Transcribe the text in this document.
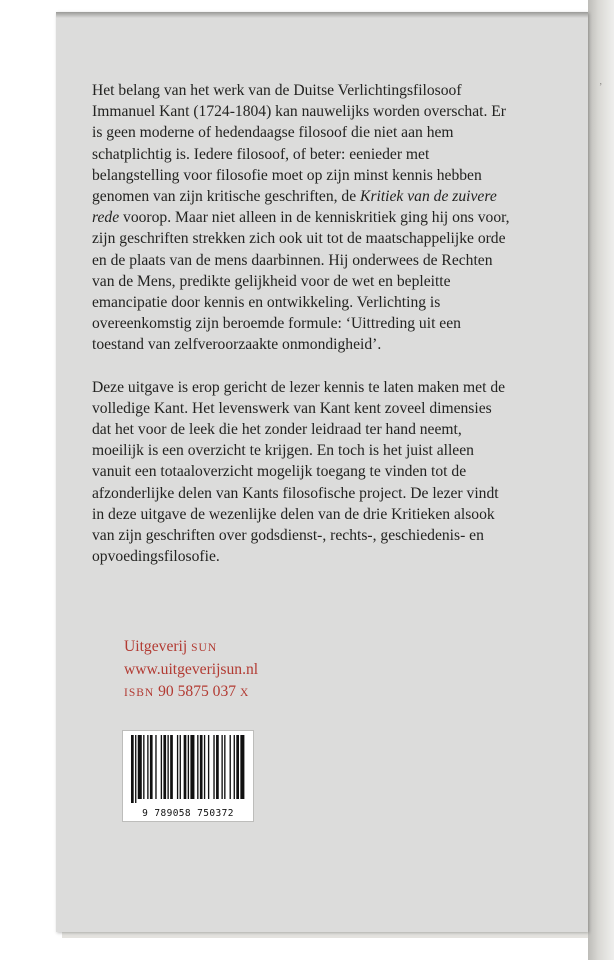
ʼ

Het belang van het werk van de Duitse Verlichtingsfilosoof Immanuel Kant (1724-1804) kan nauwelijks worden overschat. Er is geen moderne of hedendaagse filosoof die niet aan hem schatplichtig is. Iedere filosoof, of beter: eenieder met belangstelling voor filosofie moet op zijn minst kennis hebben genomen van zijn kritische geschriften, de Kritiek van de zuivere rede voorop. Maar niet alleen in de kenniskritiek ging hij ons voor, zijn geschriften strekken zich ook uit tot de maatschappelijke orde en de plaats van de mens daarbinnen. Hij onderwees de Rechten van de Mens, predikte gelijkheid voor de wet en bepleitte emancipatie door kennis en ontwikkeling. Verlichting is overeenkomstig zijn beroemde formule: ‘Uittreding uit een toestand van zelfveroorzaakte onmondigheid’.

Deze uitgave is erop gericht de lezer kennis te laten maken met de volledige Kant. Het levenswerk van Kant kent zoveel dimensies dat het voor de leek die het zonder leidraad ter hand neemt, moeilijk is een overzicht te krijgen. En toch is het juist alleen vanuit een totaaloverzicht mogelijk toegang te vinden tot de afzonderlijke delen van Kants filosofische project. De lezer vindt in deze uitgave de wezenlijke delen van de drie Kritieken alsook van zijn geschriften over godsdienst-, rechts-, geschiedenis- en opvoedingsfilosofie.

Uitgeverij SUN
www.uitgeverijsun.nl
ISBN 90 5875 037 X
9 789058 750372
